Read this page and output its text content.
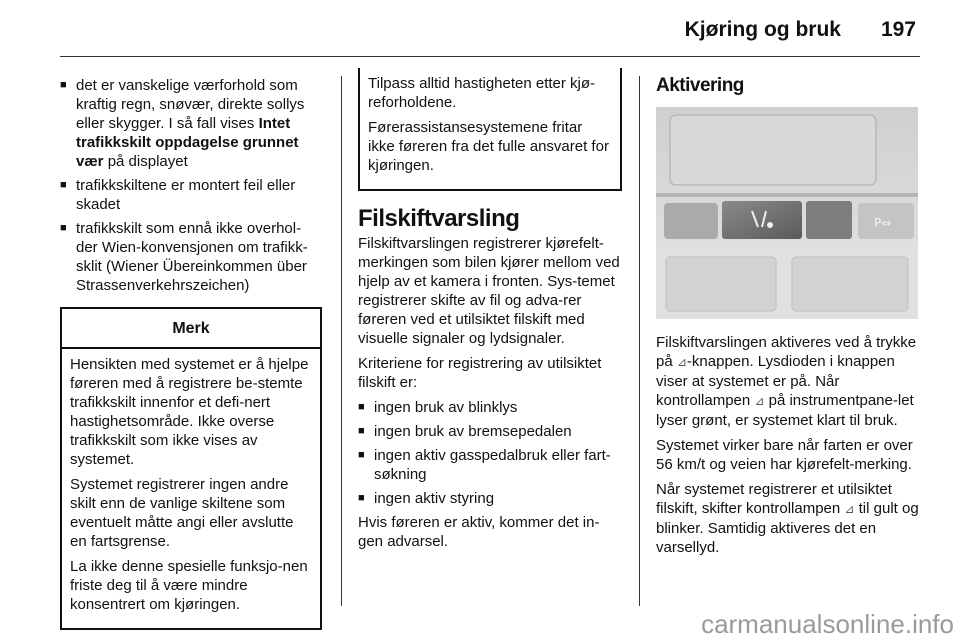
Kjøring og bruk 197
■ det er vanskelige værforhold som kraftig regn, snøvær, direkte sollys eller skygger. I så fall vises Intet trafikkskilt oppdagelse grunnet vær på displayet
■ trafikkskiltene er montert feil eller skadet
■ trafikkskilt som ennå ikke overhol-der Wien-konvensjonen om trafikk-sklit (Wiener Übereinkommen über Strassenverkehrszeichen)
Merk

Hensikten med systemet er å hjelpe føreren med å registrere be-stemte trafikkskilt innenfor et defi-nert hastighetsområde. Ikke overse trafikkskilt som ikke vises av systemet.

Systemet registrerer ingen andre skilt enn de vanlige skiltene som eventuelt måtte angi eller avslutte en fartsgrense.

La ikke denne spesielle funksjo-nen friste deg til å være mindre konsentrert om kjøringen.

Tilpass alltid hastigheten etter kjø-reforholdene.

Førerassistansesystemene fritar ikke føreren fra det fulle ansvaret for kjøringen.

Filskiftvarsling

Filskiftvarslingen registrerer kjørefelt-merkingen som bilen kjører mellom ved hjelp av et kamera i fronten. Sys-temet registrerer skifte av fil og adva-rer føreren ved et utilsiktet filskift med visuelle signaler og lydsignaler.

Kriteriene for registrering av utilsiktet filskift er:

■ ingen bruk av blinklys
■ ingen bruk av bremsepedalen
■ ingen aktiv gasspedalbruk eller fart-søkning
■ ingen aktiv styring

Hvis føreren er aktiv, kommer det in-gen advarsel.

Aktivering
P⇔

Filskiftvarslingen aktiveres ved å trykke på ⊿-knappen. Lysdioden i knappen viser at systemet er på. Når kontrollampen ⊿ på instrumentpane-let lyser grønt, er systemet klart til bruk.

Systemet virker bare når farten er over 56 km/t og veien har kjørefelt-merking.

Når systemet registrerer et utilsiktet filskift, skifter kontrollampen ⊿ til gult og blinker. Samtidig aktiveres det en varsellyd.

carmanualsonline.info
